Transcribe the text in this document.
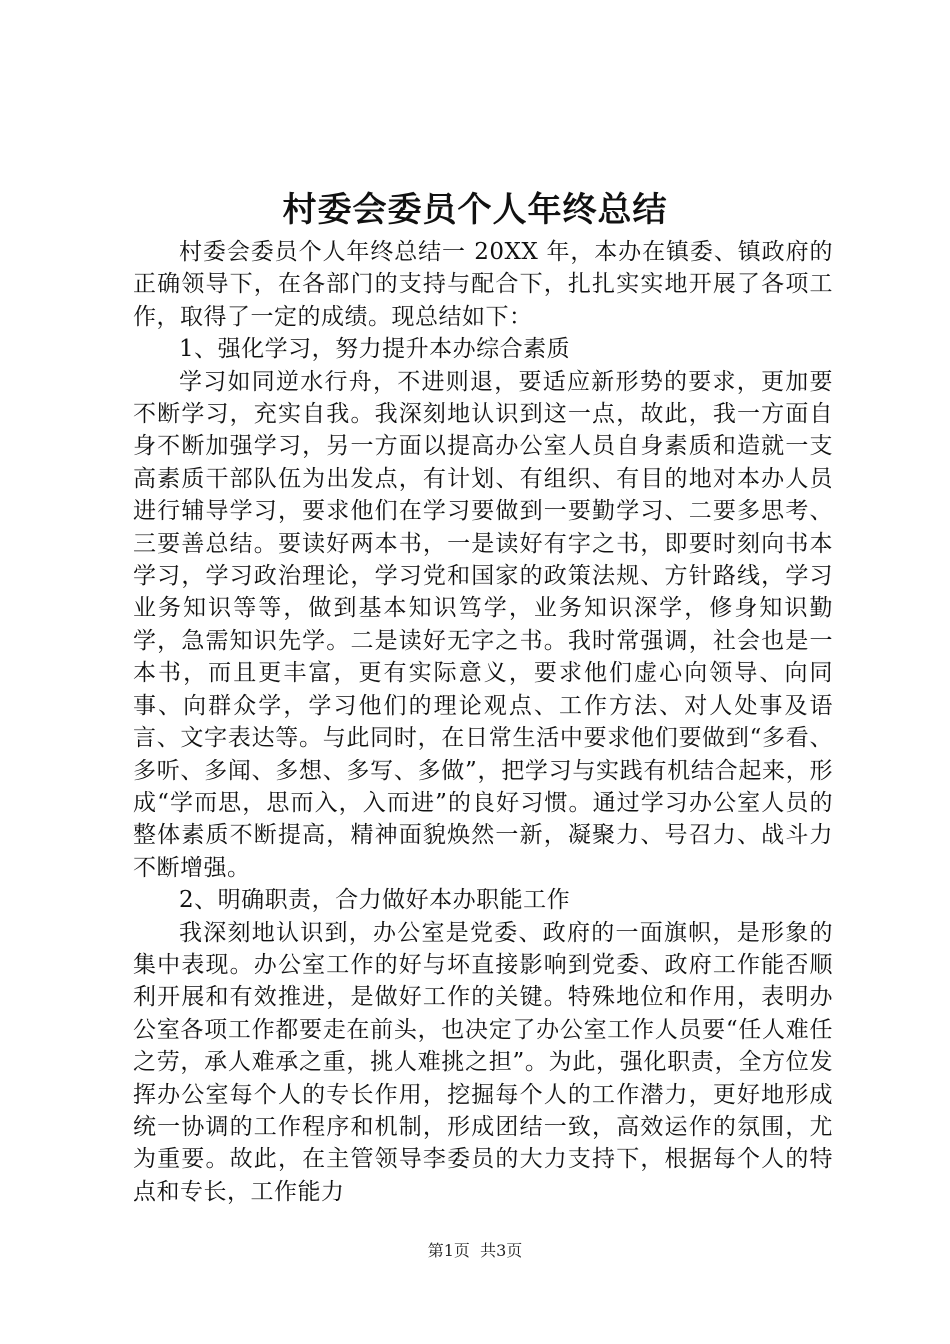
村委会委员个人年终总结

村委会委员个人年终总结一 20XX 年，本办在镇委、镇政府的正确领导下，在各部门的支持与配合下，扎扎实实地开展了各项工作，取得了一定的成绩。现总结如下：

1、强化学习，努力提升本办综合素质

学习如同逆水行舟，不进则退，要适应新形势的要求，更加要不断学习，充实自我。我深刻地认识到这一点，故此，我一方面自身不断加强学习，另一方面以提高办公室人员自身素质和造就一支高素质干部队伍为出发点，有计划、有组织、有目的地对本办人员进行辅导学习，要求他们在学习要做到一要勤学习、二要多思考、三要善总结。要读好两本书，一是读好有字之书，即要时刻向书本学习，学习政治理论，学习党和国家的政策法规、方针路线，学习业务知识等等，做到基本知识笃学，业务知识深学，修身知识勤学，急需知识先学。二是读好无字之书。我时常强调，社会也是一本书，而且更丰富，更有实际意义，要求他们虚心向领导、向同事、向群众学，学习他们的理论观点、工作方法、对人处事及语言、文字表达等。与此同时，在日常生活中要求他们要做到“多看、多听、多闻、多想、多写、多做”，把学习与实践有机结合起来，形成“学而思，思而入，入而进”的良好习惯。通过学习办公室人员的整体素质不断提高，精神面貌焕然一新，凝聚力、号召力、战斗力不断增强。

2、明确职责，合力做好本办职能工作

我深刻地认识到，办公室是党委、政府的一面旗帜，是形象的集中表现。办公室工作的好与坏直接影响到党委、政府工作能否顺利开展和有效推进，是做好工作的关键。特殊地位和作用，表明办公室各项工作都要走在前头，也决定了办公室工作人员要“任人难任之劳，承人难承之重，挑人难挑之担”。为此，强化职责，全方位发挥办公室每个人的专长作用，挖掘每个人的工作潜力，更好地形成统一协调的工作程序和机制，形成团结一致，高效运作的氛围，尤为重要。故此，在主管领导李委员的大力支持下，根据每个人的特点和专长，工作能力

第1页 共3页
